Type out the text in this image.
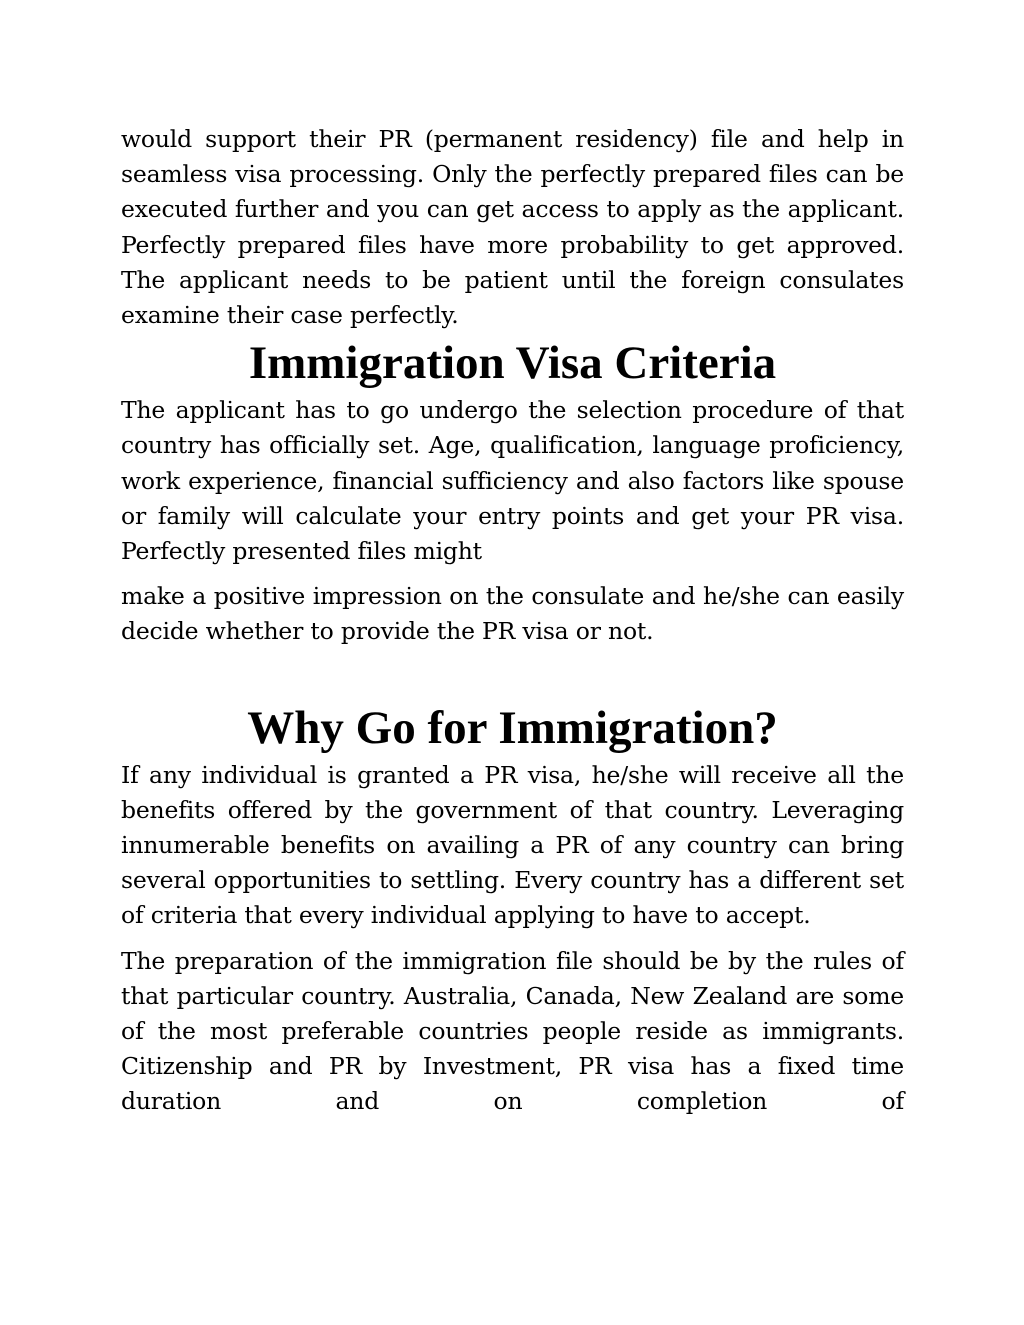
would support their PR (permanent residency) file and help in seamless visa processing. Only the perfectly prepared files can be executed further and you can get access to apply as the applicant. Perfectly prepared files have more probability to get approved. The applicant needs to be patient until the foreign consulates examine their case perfectly.

Immigration Visa Criteria

The applicant has to go undergo the selection procedure of that country has officially set. Age, qualification, language proficiency, work experience, financial sufficiency and also factors like spouse or family will calculate your entry points and get your PR visa. Perfectly presented files might

make a positive impression on the consulate and he/she can easily decide whether to provide the PR visa or not.

Why Go for Immigration?

If any individual is granted a PR visa, he/she will receive all the benefits offered by the government of that country. Leveraging innumerable benefits on availing a PR of any country can bring several opportunities to settling. Every country has a different set of criteria that every individual applying to have to accept.

The preparation of the immigration file should be by the rules of that particular country. Australia, Canada, New Zealand are some of the most preferable countries people reside as immigrants. Citizenship and PR by Investment, PR visa has a fixed time duration and on completion of
